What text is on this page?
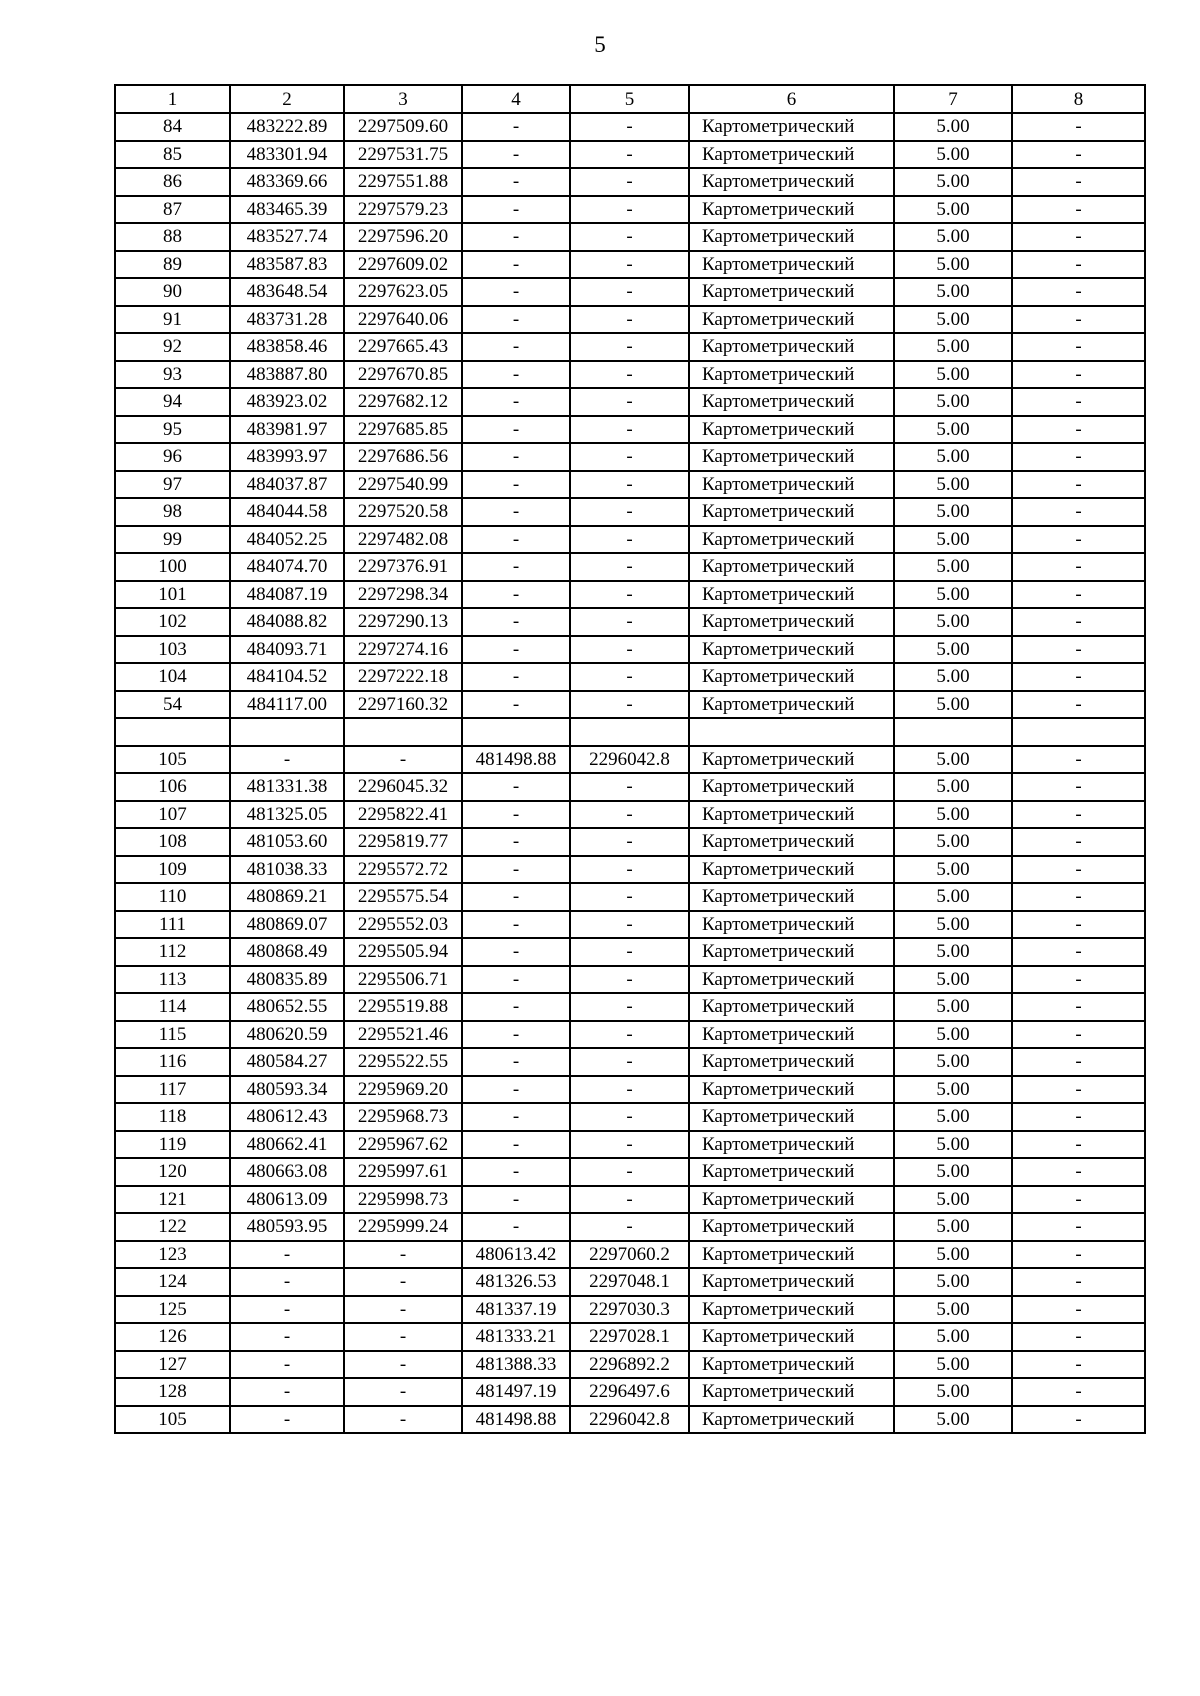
5
1	2	3	4	5	6	7	8
84	483222.89	2297509.60	-	-	Картометрический	5.00	-
85	483301.94	2297531.75	-	-	Картометрический	5.00	-
86	483369.66	2297551.88	-	-	Картометрический	5.00	-
87	483465.39	2297579.23	-	-	Картометрический	5.00	-
88	483527.74	2297596.20	-	-	Картометрический	5.00	-
89	483587.83	2297609.02	-	-	Картометрический	5.00	-
90	483648.54	2297623.05	-	-	Картометрический	5.00	-
91	483731.28	2297640.06	-	-	Картометрический	5.00	-
92	483858.46	2297665.43	-	-	Картометрический	5.00	-
93	483887.80	2297670.85	-	-	Картометрический	5.00	-
94	483923.02	2297682.12	-	-	Картометрический	5.00	-
95	483981.97	2297685.85	-	-	Картометрический	5.00	-
96	483993.97	2297686.56	-	-	Картометрический	5.00	-
97	484037.87	2297540.99	-	-	Картометрический	5.00	-
98	484044.58	2297520.58	-	-	Картометрический	5.00	-
99	484052.25	2297482.08	-	-	Картометрический	5.00	-
100	484074.70	2297376.91	-	-	Картометрический	5.00	-
101	484087.19	2297298.34	-	-	Картометрический	5.00	-
102	484088.82	2297290.13	-	-	Картометрический	5.00	-
103	484093.71	2297274.16	-	-	Картометрический	5.00	-
104	484104.52	2297222.18	-	-	Картометрический	5.00	-
54	484117.00	2297160.32	-	-	Картометрический	5.00	-

105	-	-	481498.88	2296042.8	Картометрический	5.00	-
106	481331.38	2296045.32	-	-	Картометрический	5.00	-
107	481325.05	2295822.41	-	-	Картометрический	5.00	-
108	481053.60	2295819.77	-	-	Картометрический	5.00	-
109	481038.33	2295572.72	-	-	Картометрический	5.00	-
110	480869.21	2295575.54	-	-	Картометрический	5.00	-
111	480869.07	2295552.03	-	-	Картометрический	5.00	-
112	480868.49	2295505.94	-	-	Картометрический	5.00	-
113	480835.89	2295506.71	-	-	Картометрический	5.00	-
114	480652.55	2295519.88	-	-	Картометрический	5.00	-
115	480620.59	2295521.46	-	-	Картометрический	5.00	-
116	480584.27	2295522.55	-	-	Картометрический	5.00	-
117	480593.34	2295969.20	-	-	Картометрический	5.00	-
118	480612.43	2295968.73	-	-	Картометрический	5.00	-
119	480662.41	2295967.62	-	-	Картометрический	5.00	-
120	480663.08	2295997.61	-	-	Картометрический	5.00	-
121	480613.09	2295998.73	-	-	Картометрический	5.00	-
122	480593.95	2295999.24	-	-	Картометрический	5.00	-
123	-	-	480613.42	2297060.2	Картометрический	5.00	-
124	-	-	481326.53	2297048.1	Картометрический	5.00	-
125	-	-	481337.19	2297030.3	Картометрический	5.00	-
126	-	-	481333.21	2297028.1	Картометрический	5.00	-
127	-	-	481388.33	2296892.2	Картометрический	5.00	-
128	-	-	481497.19	2296497.6	Картометрический	5.00	-
105	-	-	481498.88	2296042.8	Картометрический	5.00	-
